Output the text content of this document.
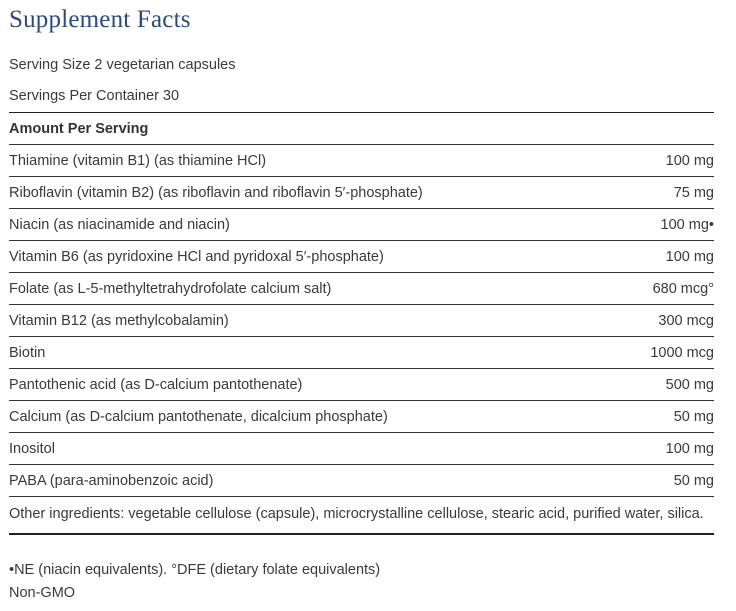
Supplement Facts
Serving Size 2 vegetarian capsules
Servings Per Container 30
Amount Per Serving
Thiamine (vitamin B1) (as thiamine HCl)	100 mg
Riboflavin (vitamin B2) (as riboflavin and riboflavin 5′-phosphate)	75 mg
Niacin (as niacinamide and niacin)	100 mg•
Vitamin B6 (as pyridoxine HCl and pyridoxal 5′-phosphate)	100 mg
Folate (as L-5-methyltetrahydrofolate calcium salt)	680 mcg°
Vitamin B12 (as methylcobalamin)	300 mcg
Biotin	1000 mcg
Pantothenic acid (as D-calcium pantothenate)	500 mg
Calcium (as D-calcium pantothenate, dicalcium phosphate)	50 mg
Inositol	100 mg
PABA (para-aminobenzoic acid)	50 mg
Other ingredients: vegetable cellulose (capsule), microcrystalline cellulose, stearic acid, purified water, silica.
•NE (niacin equivalents). °DFE (dietary folate equivalents)
Non-GMO
